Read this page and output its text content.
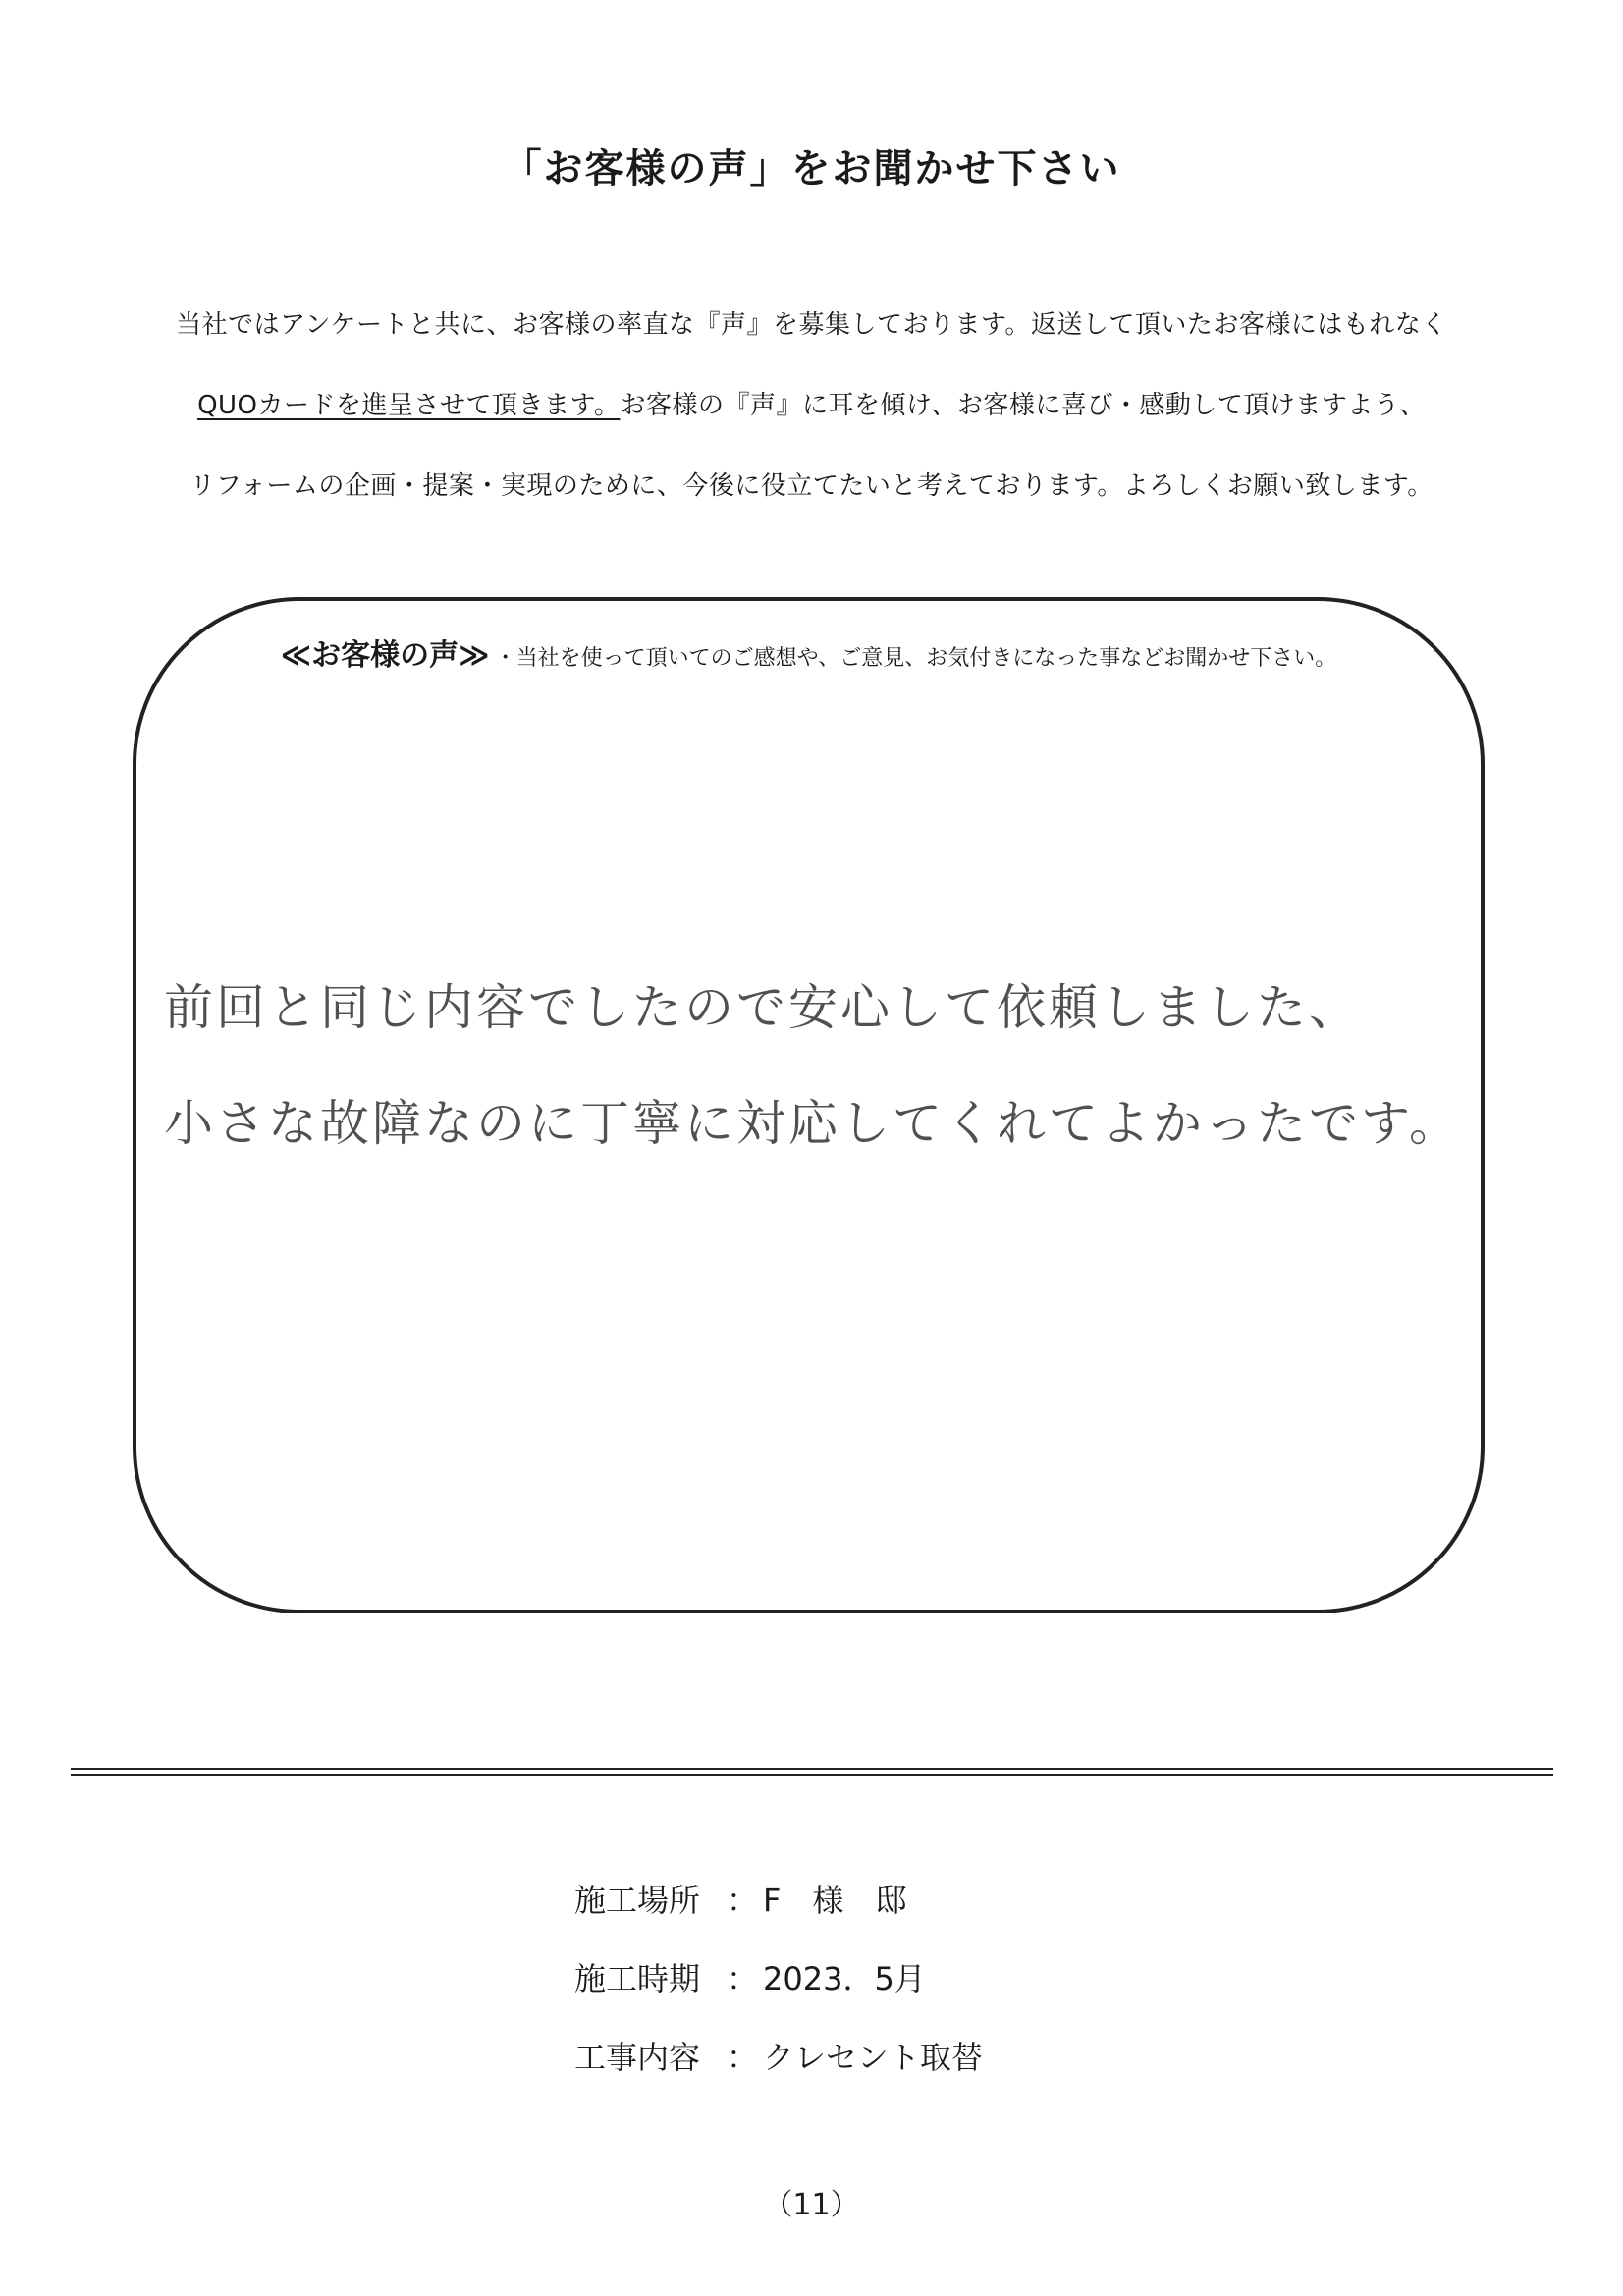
「お客様の声」をお聞かせ下さい
当社ではアンケートと共に、お客様の率直な『声』を募集しております。返送して頂いたお客様にはもれなく
QUOカードを進呈させて頂きます。お客様の『声』に耳を傾け、お客様に喜び・感動して頂けますよう、
リフォームの企画・提案・実現のために、今後に役立てたいと考えております。よろしくお願い致します。
≪お客様の声≫ ・当社を使って頂いてのご感想や、ご意見、お気付きになった事などお聞かせ下さい。
前回と同じ内容でしたので安心して依頼しました、
小さな故障なのに丁寧に対応してくれてよかったです。
施工場所 ： F　様　邸
施工時期 ： 2023．5月
工事内容 ： クレセント取替
（11）
